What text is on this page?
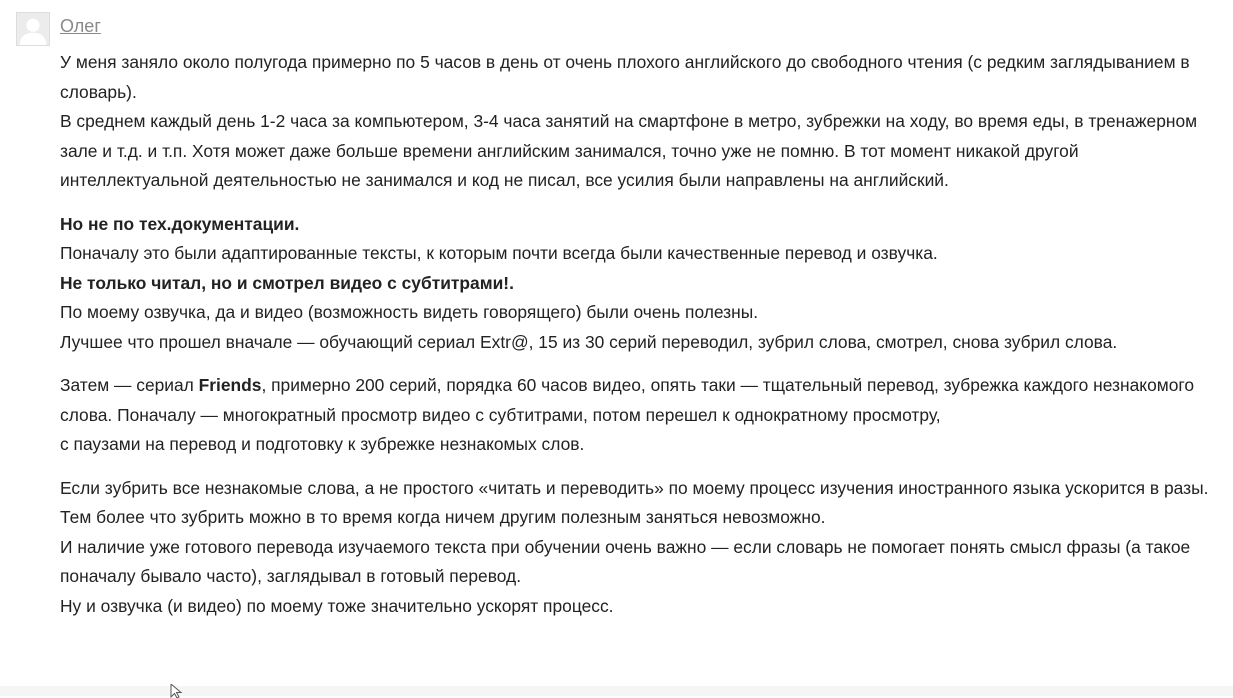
Олег

У меня заняло около полугода примерно по 5 часов в день от очень плохого английского до свободного чтения (с редким заглядыванием в словарь).
В среднем каждый день 1-2 часа за компьютером, 3-4 часа занятий на смартфоне в метро, зубрежки на ходу, во время еды, в тренажерном зале и т.д. и т.п. Хотя может даже больше времени английским занимался, точно уже не помню. В тот момент никакой другой интеллектуальной деятельностью не занимался и код не писал, все усилия были направлены на английский.

Но не по тех.документации.
Поначалу это были адаптированные тексты, к которым почти всегда были качественные перевод и озвучка.
Не только читал, но и смотрел видео с субтитрами!.
По моему озвучка, да и видео (возможность видеть говорящего) были очень полезны.
Лучшее что прошел вначале — обучающий сериал Extr@, 15 из 30 серий переводил, зубрил слова, смотрел, снова зубрил слова.

Затем — сериал Friends, примерно 200 серий, порядка 60 часов видео, опять таки — тщательный перевод, зубрежка каждого незнакомого слова. Поначалу — многократный просмотр видео с субтитрами, потом перешел к однократному просмотру,
с паузами на перевод и подготовку к зубрежке незнакомых слов.

Если зубрить все незнакомые слова, а не простого «читать и переводить» по моему процесс изучения иностранного языка ускорится в разы.
Тем более что зубрить можно в то время когда ничем другим полезным заняться невозможно.
И наличие уже готового перевода изучаемого текста при обучении очень важно — если словарь не помогает понять смысл фразы (а такое поначалу бывало часто), заглядывал в готовый перевод.
Ну и озвучка (и видео) по моему тоже значительно ускорят процесс.
